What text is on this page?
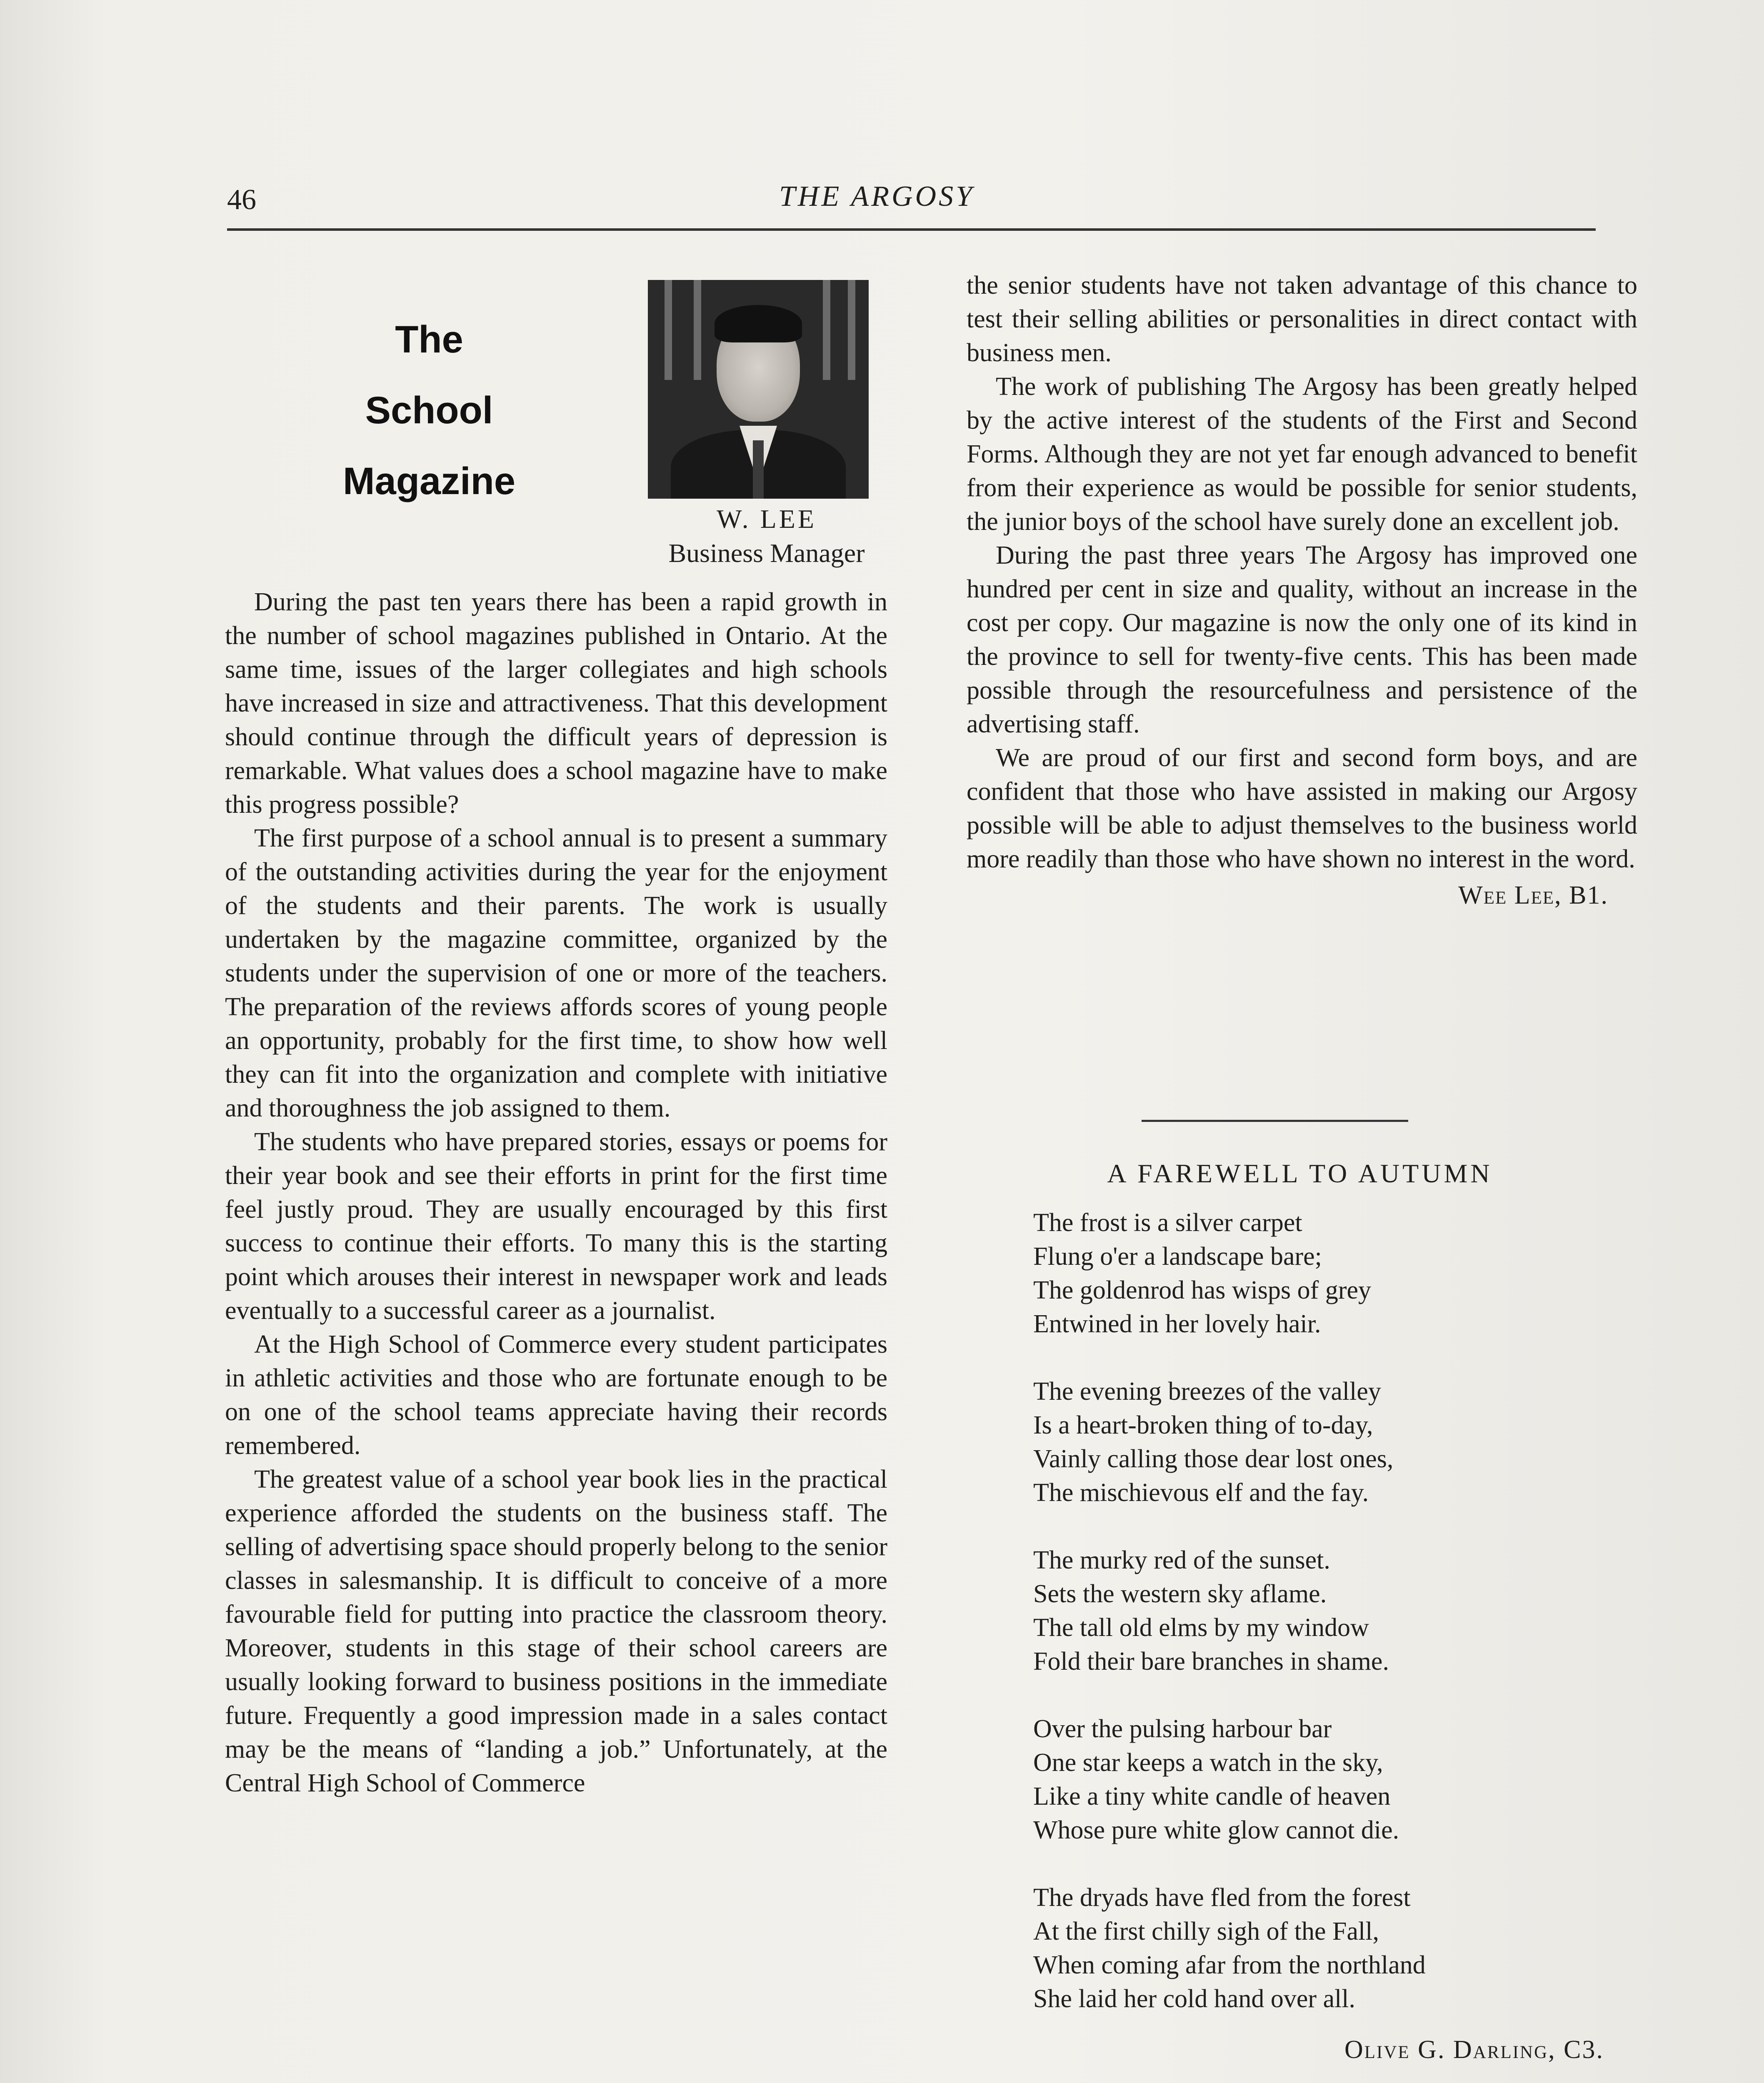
46	THE ARGOSY
The
School
Magazine
W. LEE
Business Manager

During the past ten years there has been a rapid growth in the number of school magazines published in Ontario. At the same time, issues of the larger collegiates and high schools have increased in size and attractiveness. That this development should continue through the difficult years of depression is remarkable. What values does a school magazine have to make this progress possible?

The first purpose of a school annual is to present a summary of the outstanding activities during the year for the enjoyment of the students and their parents. The work is usually undertaken by the magazine committee, organized by the students under the supervision of one or more of the teachers. The preparation of the reviews affords scores of young people an opportunity, probably for the first time, to show how well they can fit into the organization and complete with initiative and thoroughness the job assigned to them.

The students who have prepared stories, essays or poems for their year book and see their efforts in print for the first time feel justly proud. They are usually encouraged by this first success to continue their efforts. To many this is the starting point which arouses their interest in newspaper work and leads eventually to a successful career as a journalist.

At the High School of Commerce every student participates in athletic activities and those who are fortunate enough to be on one of the school teams appreciate having their records remembered.

The greatest value of a school year book lies in the practical experience afforded the students on the business staff. The selling of advertising space should properly belong to the senior classes in salesmanship. It is difficult to conceive of a more favourable field for putting into practice the classroom theory. Moreover, students in this stage of their school careers are usually looking forward to business positions in the immediate future. Frequently a good impression made in a sales contact may be the means of “landing a job.” Unfortunately, at the Central High School of Commerce

the senior students have not taken advantage of this chance to test their selling abilities or personalities in direct contact with business men.

The work of publishing The Argosy has been greatly helped by the active interest of the students of the First and Second Forms. Although they are not yet far enough advanced to benefit from their experience as would be possible for senior students, the junior boys of the school have surely done an excellent job.

During the past three years The Argosy has improved one hundred per cent in size and quality, without an increase in the cost per copy. Our magazine is now the only one of its kind in the province to sell for twenty-five cents. This has been made possible through the resourcefulness and persistence of the advertising staff.

We are proud of our first and second form boys, and are confident that those who have assisted in making our Argosy possible will be able to adjust themselves to the business world more readily than those who have shown no interest in the word.

Wee Lee, B1.
A FAREWELL TO AUTUMN
The frost is a silver carpet
Flung o'er a landscape bare;
The goldenrod has wisps of grey
Entwined in her lovely hair.
The evening breezes of the valley
Is a heart-broken thing of to-day,
Vainly calling those dear lost ones,
The mischievous elf and the fay.
The murky red of the sunset.
Sets the western sky aflame.
The tall old elms by my window
Fold their bare branches in shame.
Over the pulsing harbour bar
One star keeps a watch in the sky,
Like a tiny white candle of heaven
Whose pure white glow cannot die.
The dryads have fled from the forest
At the first chilly sigh of the Fall,
When coming afar from the northland
She laid her cold hand over all.
Olive G. Darling, C3.
